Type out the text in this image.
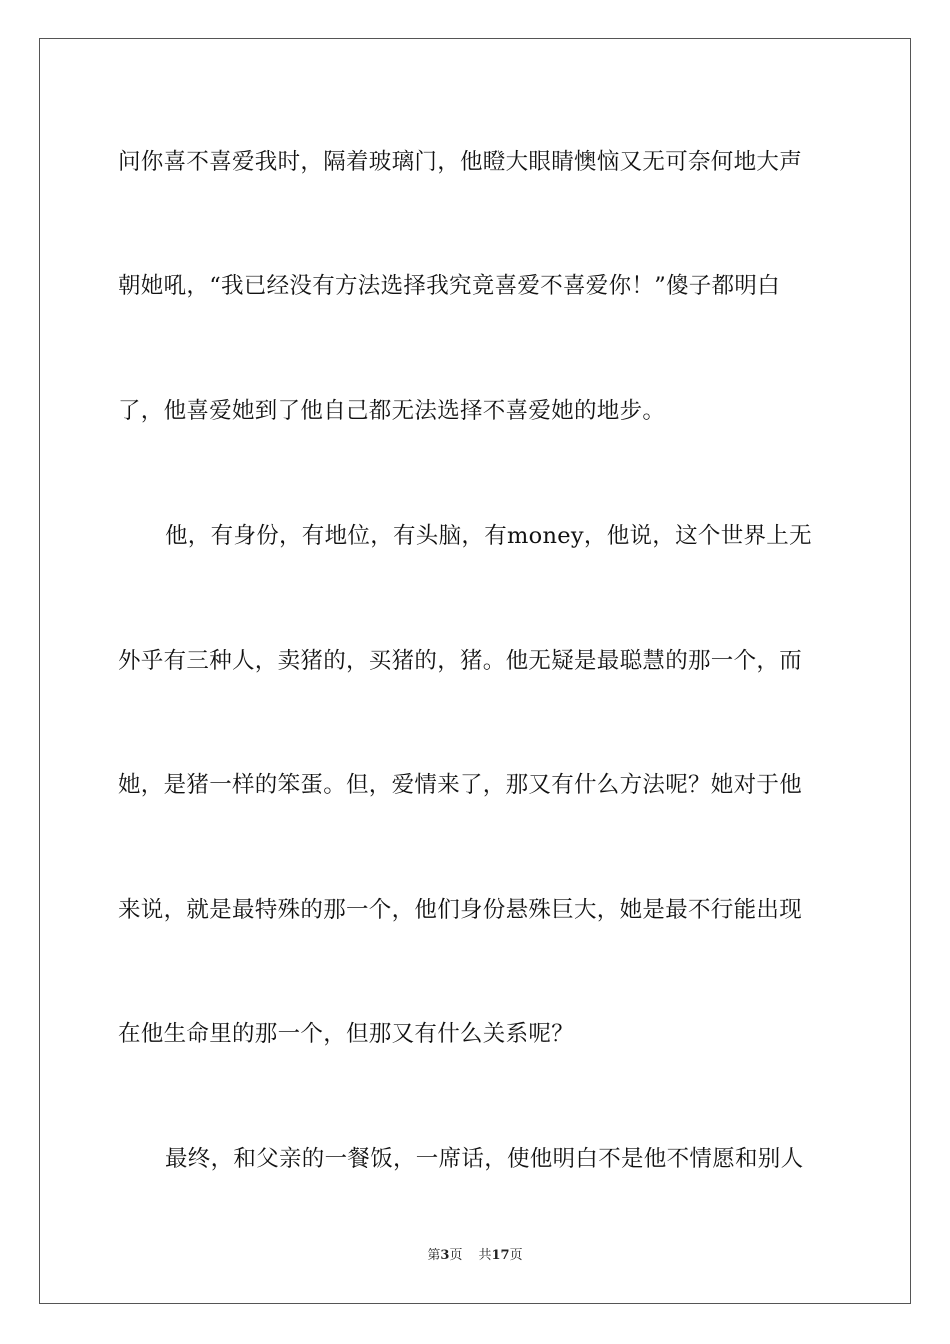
问你喜不喜爱我时，隔着玻璃门，他瞪大眼睛懊恼又无可奈何地大声
朝她吼，“我已经没有方法选择我究竟喜爱不喜爱你！”傻子都明白
了，他喜爱她到了他自己都无法选择不喜爱她的地步。
他，有身份，有地位，有头脑，有money，他说，这个世界上无
外乎有三种人，卖猪的，买猪的，猪。他无疑是最聪慧的那一个，而
她，是猪一样的笨蛋。但，爱情来了，那又有什么方法呢？她对于他
来说，就是最特殊的那一个，他们身份悬殊巨大，她是最不行能出现
在他生命里的那一个，但那又有什么关系呢？
最终，和父亲的一餐饭，一席话，使他明白不是他不情愿和别人
第3页 共17页
